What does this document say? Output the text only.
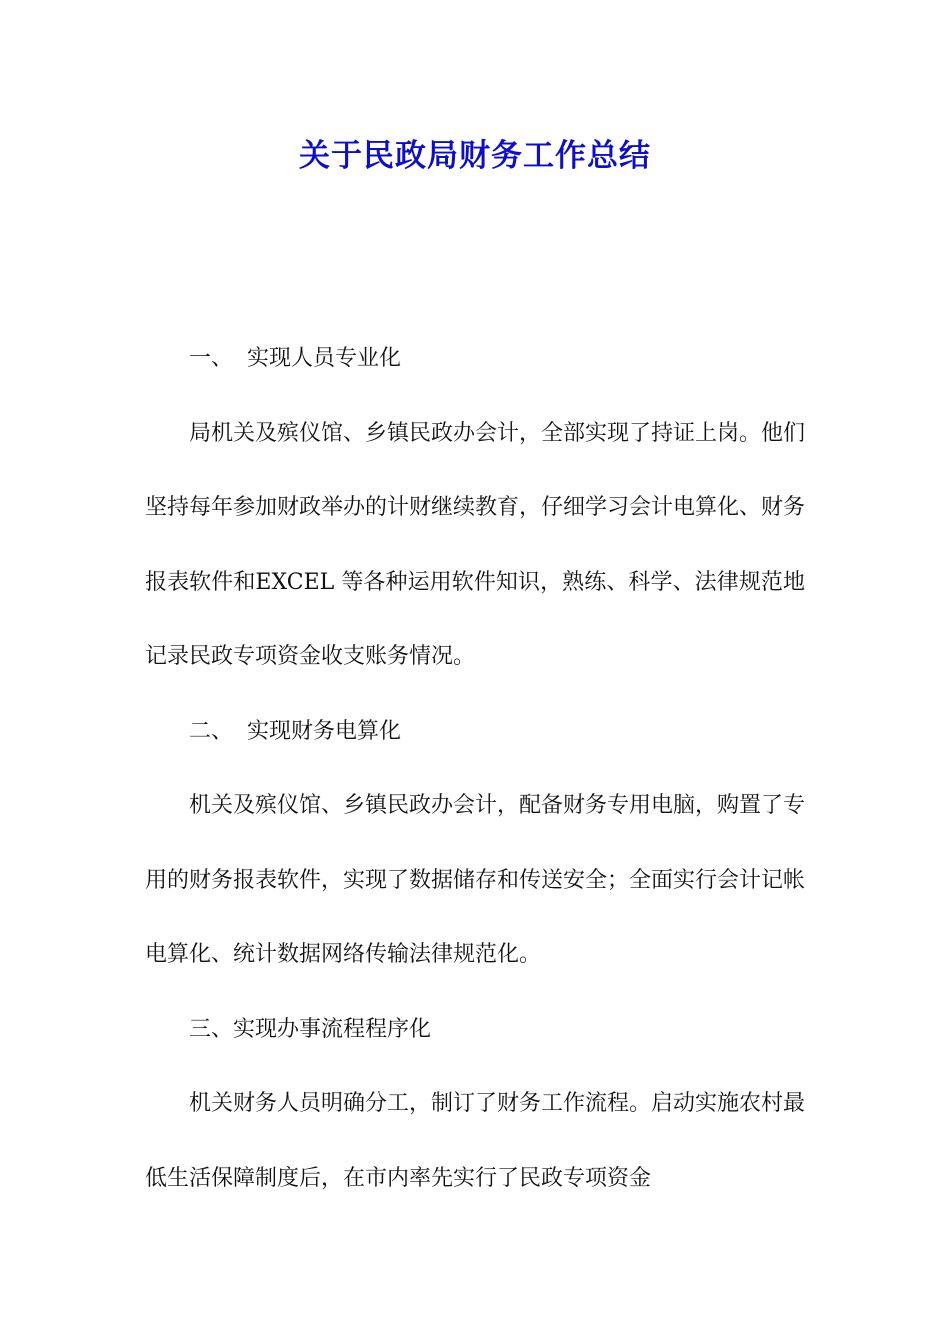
关于民政局财务工作总结

一、  实现人员专业化

局机关及殡仪馆、乡镇民政办会计，全部实现了持证上岗。他们坚持每年参加财政举办的计财继续教育，仔细学习会计电算化、财务报表软件和EXCEL 等各种运用软件知识，熟练、科学、法律规范地记录民政专项资金收支账务情况。

二、  实现财务电算化

机关及殡仪馆、乡镇民政办会计，配备财务专用电脑，购置了专用的财务报表软件，实现了数据储存和传送安全；全面实行会计记帐电算化、统计数据网络传输法律规范化。

三、实现办事流程程序化

机关财务人员明确分工，制订了财务工作流程。启动实施农村最低生活保障制度后，在市内率先实行了民政专项资金
